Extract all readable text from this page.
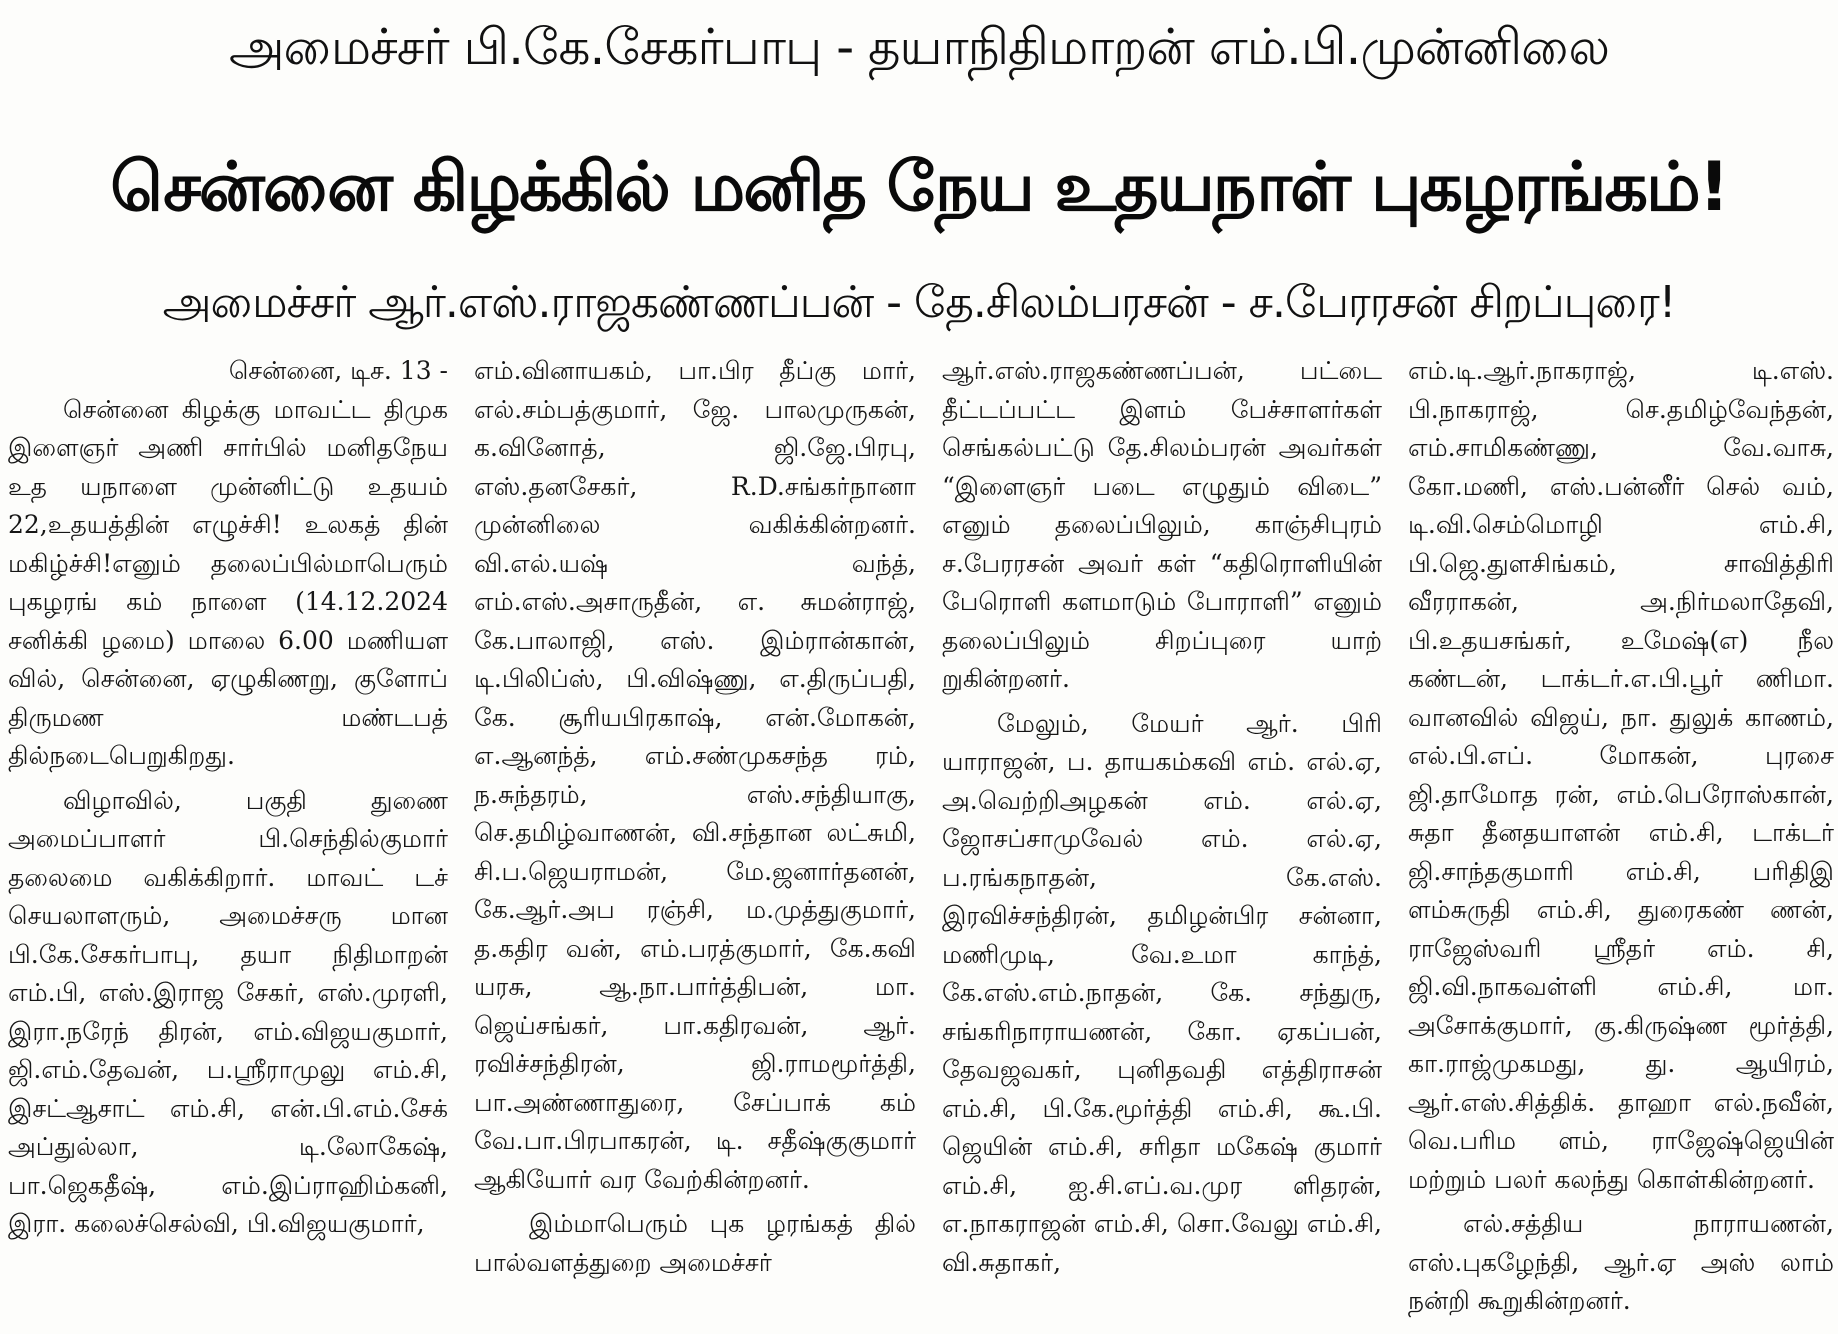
அமைச்சர் பி.கே.சேகர்பாபு - தயாநிதிமாறன் எம்.பி.முன்னிலை
சென்னை கிழக்கில் மனித நேய உதயநாள் புகழரங்கம்!
அமைச்சர் ஆர்.எஸ்.ராஜகண்ணப்பன் - தே.சிலம்பரசன் - ச.பேரரசன் சிறப்புரை!
சென்னை, டிச. 13 -

சென்னை கிழக்கு மாவட்ட திமுக இளைஞர் அணி சார்பில் மனிதநேய உத யநாளை முன்னிட்டு உதயம் 22,உதயத்தின் எழுச்சி! உலகத் தின் மகிழ்ச்சி!எனும் தலைப்பில்மாபெரும் புகழரங் கம் நாளை (14.12.2024 சனிக்கி ழமை) மாலை 6.00 மணியள வில், சென்னை, ஏழுகிணறு, குளோப் திருமண மண்டபத் தில்நடைபெறுகிறது.

விழாவில், பகுதி துணை அமைப்பாளர் பி.செந்தில்குமார் தலைமை வகிக்கிறார். மாவட் டச் செயலாளரும், அமைச்சரு மான பி.கே.சேகர்பாபு, தயா நிதிமாறன் எம்.பி, எஸ்.இராஜ சேகர், எஸ்.முரளி, இரா.நரேந் திரன், எம்.விஜயகுமார், ஜி.எம்.தேவன், ப.ஸ்ரீராமுலு எம்.சி, இசட்ஆசாட் எம்.சி, என்.பி.எம்.சேக் அப்துல்லா, டி.லோகேஷ், பா.ஜெகதீஷ், எம்.இப்ராஹிம்கனி, இரா. கலைச்செல்வி, பி.விஜயகுமார்,

எம்.வினாயகம், பா.பிர தீப்கு மார், எல்.சம்பத்குமார், ஜே. பாலமுருகன், க.வினோத், ஜி.ஜே.பிரபு, எஸ்.தனசேகர், R.D.சங்கர்நானா முன்னிலை வகிக்கின்றனர். வி.எல்.யஷ் வந்த், எம்.எஸ்.அசாருதீன், எ. சுமன்ராஜ், கே.பாலாஜி, எஸ். இம்ரான்கான், டி.பிலிப்ஸ், பி.விஷ்ணு, எ.திருப்பதி, கே. சூரியபிரகாஷ், என்.மோகன், எ.ஆனந்த், எம்.சண்முகசந்த ரம், ந.சுந்தரம், எஸ்.சந்தியாகு, செ.தமிழ்வாணன், வி.சந்தான லட்சுமி, சி.ப.ஜெயராமன், மே.ஜனார்தனன், கே.ஆர்.அப ரஞ்சி, ம.முத்துகுமார், த.கதிர வன், எம்.பரத்குமார், கே.கவி யரசு, ஆ.நா.பார்த்திபன், மா. ஜெய்சங்கர், பா.கதிரவன், ஆர். ரவிச்சந்திரன், ஜி.ராமமூர்த்தி, பா.அண்ணாதுரை, சேப்பாக் கம் வே.பா.பிரபாகரன், டி. சதீஷ்குகுமார் ஆகியோர் வர வேற்கின்றனர்.

இம்மாபெரும் புக ழரங்கத் தில் பால்வளத்துறை அமைச்சர்

ஆர்.எஸ்.ராஜகண்ணப்பன், பட்டை தீட்டப்பட்ட இளம் பேச்சாளர்கள் செங்கல்பட்டு தே.சிலம்பரன் அவர்கள் “இளைஞர் படை எழுதும் விடை” எனும் தலைப்பிலும், காஞ்சிபுரம் ச.பேரரசன் அவர் கள் “கதிரொளியின் பேரொளி களமாடும் போராளி” எனும் தலைப்பிலும் சிறப்புரை யாற் றுகின்றனர்.

மேலும், மேயர் ஆர். பிரி யாராஜன், ப. தாயகம்கவி எம். எல்.ஏ, அ.வெற்றிஅழகன் எம். எல்.ஏ, ஜோசப்சாமுவேல் எம். எல்.ஏ, ப.ரங்கநாதன், கே.எஸ். இரவிச்சந்திரன், தமிழன்பிர சன்னா, மணிமுடி, வே.உமா காந்த், கே.எஸ்.எம்.நாதன், கே. சந்துரு, சங்கரிநாராயணன், கோ. ஏகப்பன், தேவஜவகர், புனிதவதி எத்திராசன் எம்.சி, பி.கே.மூர்த்தி எம்.சி, கூ.பி. ஜெயின் எம்.சி, சரிதா மகேஷ் குமார் எம்.சி, ஐ.சி.எப்.வ.முர ளிதரன், எ.நாகராஜன் எம்.சி, சொ.வேலு எம்.சி, வி.சுதாகர்,

எம்.டி.ஆர்.நாகராஜ், டி.எஸ். பி.நாகராஜ், செ.தமிழ்வேந்தன், எம்.சாமிகண்ணு, வே.வாசு, கோ.மணி, எஸ்.பன்னீர் செல் வம், டி.வி.செம்மொழி எம்.சி, பி.ஜெ.துளசிங்கம், சாவித்திரி வீரராகன், அ.நிர்மலாதேவி, பி.உதயசங்கர், உமேஷ்(எ) நீல கண்டன், டாக்டர்.எ.பி.பூர் ணிமா. வானவில் விஜய், நா. துலுக் காணம், எல்.பி.எப். மோகன், புரசை ஜி.தாமோத ரன், எம்.பெரோஸ்கான், சுதா தீனதயாளன் எம்.சி, டாக்டர் ஜி.சாந்தகுமாரி எம்.சி, பரிதிஇ ளம்சுருதி எம்.சி, துரைகண் ணன், ராஜேஸ்வரி ஸ்ரீதர் எம். சி, ஜி.வி.நாகவள்ளி எம்.சி, மா. அசோக்குமார், கு.கிருஷ்ண மூர்த்தி, கா.ராஜ்முகமது, து. ஆயிரம், ஆர்.எஸ்.சித்திக். தாஹா எல்.நவீன், வெ.பரிம ளம், ராஜேஷ்ஜெயின் மற்றும் பலர் கலந்து கொள்கின்றனர்.

எல்.சத்திய நாராயணன், எஸ்.புகழேந்தி, ஆர்.ஏ அஸ் லாம் நன்றி கூறுகின்றனர்.
